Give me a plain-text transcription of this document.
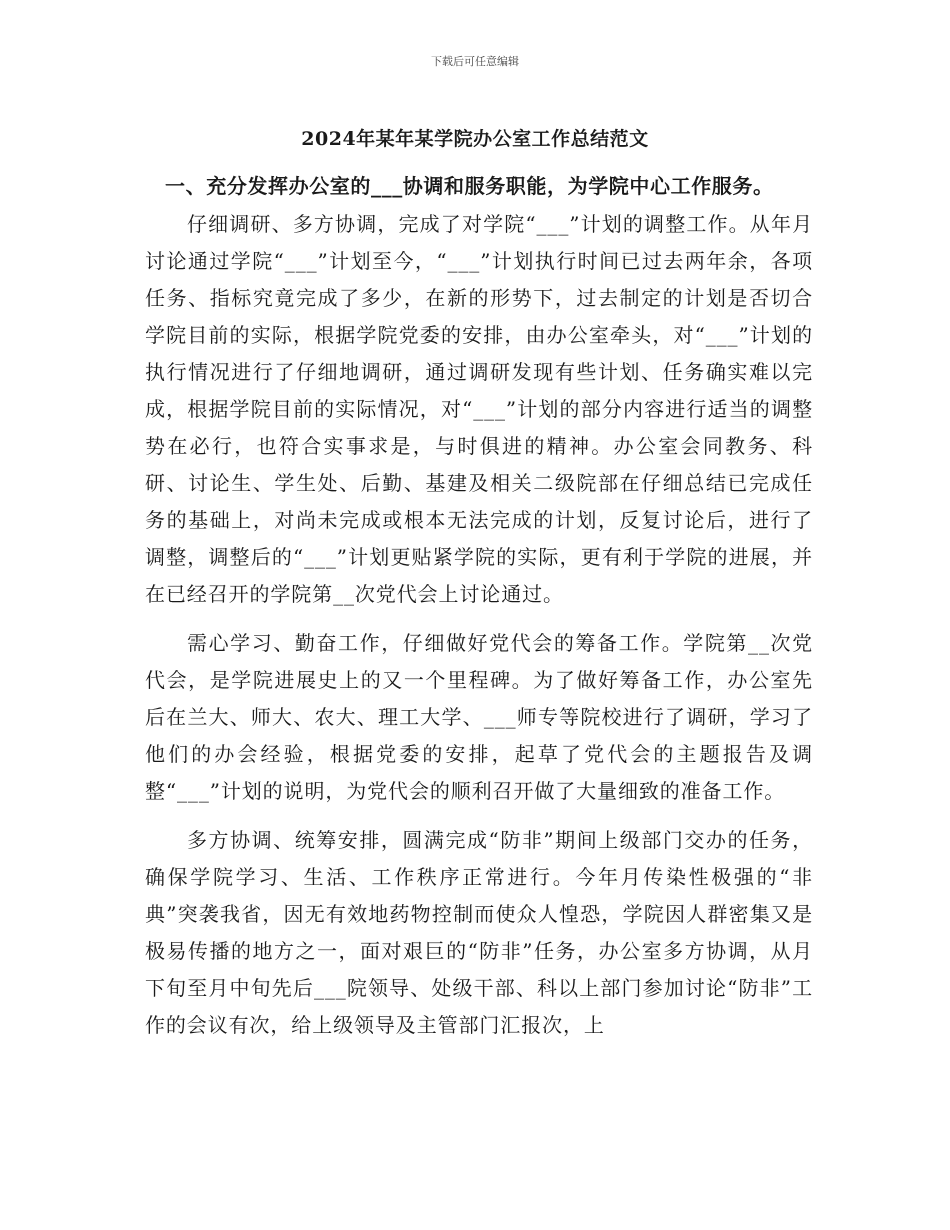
下载后可任意编辑
2024年某年某学院办公室工作总结范文
一、充分发挥办公室的___协调和服务职能，为学院中心工作服务。

仔细调研、多方协调，完成了对学院“___”计划的调整工作。从年月讨论通过学院“___”计划至今，“___”计划执行时间已过去两年余，各项任务、指标究竟完成了多少，在新的形势下，过去制定的计划是否切合学院目前的实际，根据学院党委的安排，由办公室牵头，对“___”计划的执行情况进行了仔细地调研，通过调研发现有些计划、任务确实难以完成，根据学院目前的实际情况，对“___”计划的部分内容进行适当的调整势在必行，也符合实事求是，与时俱进的精神。办公室会同教务、科研、讨论生、学生处、后勤、基建及相关二级院部在仔细总结已完成任务的基础上，对尚未完成或根本无法完成的计划，反复讨论后，进行了调整，调整后的“___”计划更贴紧学院的实际，更有利于学院的进展，并在已经召开的学院第__次党代会上讨论通过。

需心学习、勤奋工作，仔细做好党代会的筹备工作。学院第__次党代会，是学院进展史上的又一个里程碑。为了做好筹备工作，办公室先后在兰大、师大、农大、理工大学、___师专等院校进行了调研，学习了他们的办会经验，根据党委的安排，起草了党代会的主题报告及调整“___”计划的说明，为党代会的顺利召开做了大量细致的准备工作。

多方协调、统筹安排，圆满完成“防非”期间上级部门交办的任务，确保学院学习、生活、工作秩序正常进行。今年月传染性极强的“非典”突袭我省，因无有效地药物控制而使众人惶恐，学院因人群密集又是极易传播的地方之一，面对艰巨的“防非”任务，办公室多方协调，从月下旬至月中旬先后___院领导、处级干部、科以上部门参加讨论“防非”工作的会议有次，给上级领导及主管部门汇报次，上
